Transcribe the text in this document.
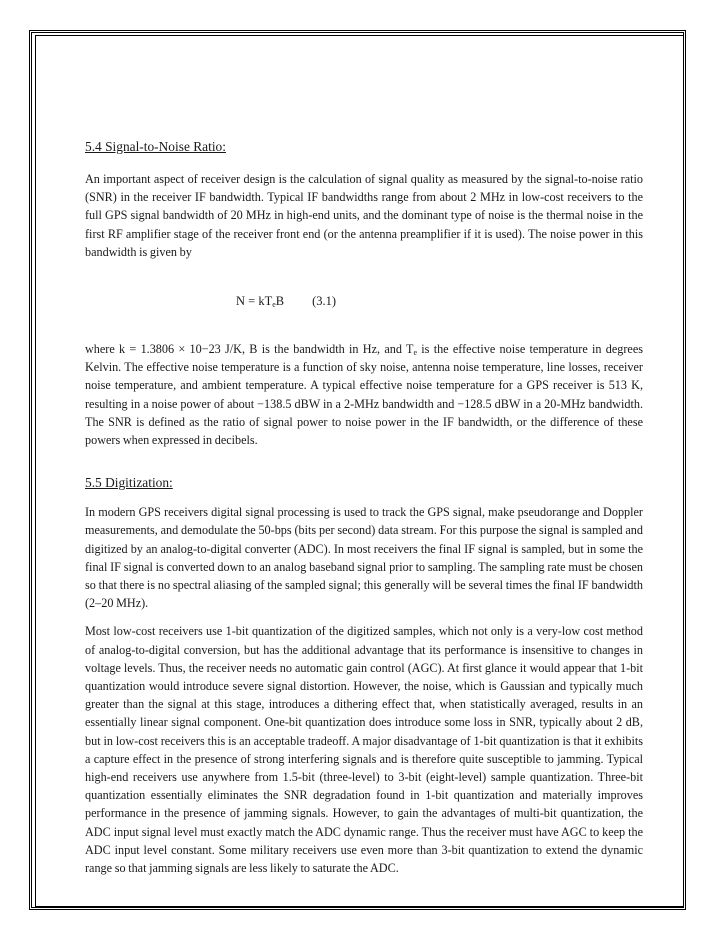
5.4 Signal-to-Noise Ratio:

An important aspect of receiver design is the calculation of signal quality as measured by the signal-to-noise ratio (SNR) in the receiver IF bandwidth. Typical IF bandwidths range from about 2 MHz in low-cost receivers to the full GPS signal bandwidth of 20 MHz in high-end units, and the dominant type of noise is the thermal noise in the first RF amplifier stage of the receiver front end (or the antenna preamplifier if it is used). The noise power in this bandwidth is given by

$N = kT_eB$ (3.1)

where k = 1.3806 × 10−23 J/K, B is the bandwidth in Hz, and $T_e$ is the effective noise temperature in degrees Kelvin. The effective noise temperature is a function of sky noise, antenna noise temperature, line losses, receiver noise temperature, and ambient temperature. A typical effective noise temperature for a GPS receiver is 513 K, resulting in a noise power of about −138.5 dBW in a 2-MHz bandwidth and −128.5 dBW in a 20-MHz bandwidth. The SNR is defined as the ratio of signal power to noise power in the IF bandwidth, or the difference of these powers when expressed in decibels.

5.5 Digitization:

In modern GPS receivers digital signal processing is used to track the GPS signal, make pseudorange and Doppler measurements, and demodulate the 50-bps (bits per second) data stream. For this purpose the signal is sampled and digitized by an analog-to-digital converter (ADC). In most receivers the final IF signal is sampled, but in some the final IF signal is converted down to an analog baseband signal prior to sampling. The sampling rate must be chosen so that there is no spectral aliasing of the sampled signal; this generally will be several times the final IF bandwidth (2–20 MHz).

Most low-cost receivers use 1-bit quantization of the digitized samples, which not only is a very-low cost method of analog-to-digital conversion, but has the additional advantage that its performance is insensitive to changes in voltage levels. Thus, the receiver needs no automatic gain control (AGC). At first glance it would appear that 1-bit quantization would introduce severe signal distortion. However, the noise, which is Gaussian and typically much greater than the signal at this stage, introduces a dithering effect that, when statistically averaged, results in an essentially linear signal component. One-bit quantization does introduce some loss in SNR, typically about 2 dB, but in low-cost receivers this is an acceptable tradeoff. A major disadvantage of 1-bit quantization is that it exhibits a capture effect in the presence of strong interfering signals and is therefore quite susceptible to jamming. Typical high-end receivers use anywhere from 1.5-bit (three-level) to 3-bit (eight-level) sample quantization. Three-bit quantization essentially eliminates the SNR degradation found in 1-bit quantization and materially improves performance in the presence of jamming signals. However, to gain the advantages of multi-bit quantization, the ADC input signal level must exactly match the ADC dynamic range. Thus the receiver must have AGC to keep the ADC input level constant. Some military receivers use even more than 3-bit quantization to extend the dynamic range so that jamming signals are less likely to saturate the ADC.
